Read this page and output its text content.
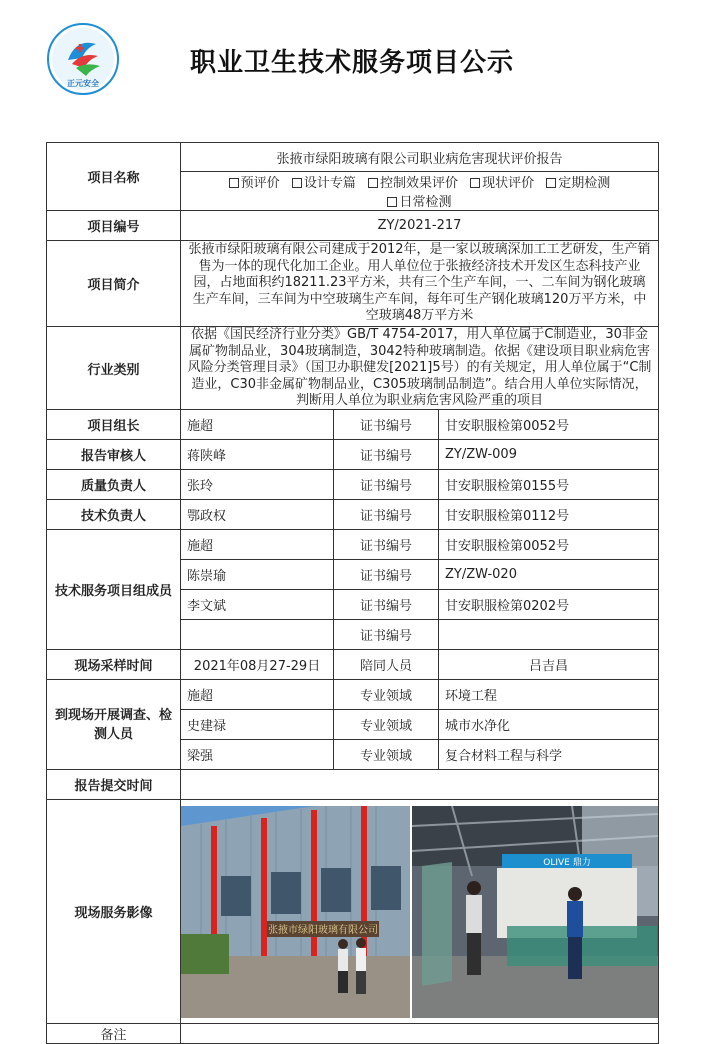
正元安全
职业卫生技术服务项目公示
项目名称	张掖市绿阳玻璃有限公司职业病危害现状评价报告		
	预评价 设计专篇 控制效果评价 现状评价 定期检测 日常检测		
项目编号	ZY/2021-217		
项目简介	张掖市绿阳玻璃有限公司建成于2012年，是一家以玻璃深加工工艺研发，生产销售为一体的现代化加工企业。用人单位位于张掖经济技术开发区生态科技产业园，占地面积约18211.23平方米，共有三个生产车间，一、二车间为钢化玻璃生产车间，三车间为中空玻璃生产车间，每年可生产钢化玻璃120万平方米，中空玻璃48万平方米		
行业类别	依据《国民经济行业分类》GB/T 4754-2017，用人单位属于C制造业，30非金属矿物制品业，304玻璃制造，3042特种玻璃制造。依据《建设项目职业病危害风险分类管理目录》（国卫办职健发[2021]5号）的有关规定，用人单位属于“C制造业，C30非金属矿物制品业，C305玻璃制品制造”。结合用人单位实际情况，判断用人单位为职业病危害风险严重的项目		

项目组长	施超	证书编号	甘安职服检第0052号
报告审核人	蒋陕峰	证书编号	ZY/ZW-009
质量负责人	张玲	证书编号	甘安职服检第0155号
技术负责人	鄂政权	证书编号	甘安职服检第0112号
技术服务项目组成员	施超	证书编号	甘安职服检第0052号
	陈崇瑜	证书编号	ZY/ZW-020
	李文斌	证书编号	甘安职服检第0202号
		证书编号	
现场采样时间	2021年08月27-29日	陪同人员	吕吉昌
到现场开展调查、检测人员	施超	专业领域	环境工程
	史建禄	专业领域	城市水净化
	梁强	专业领域	复合材料工程与科学
报告提交时间			
现场服务影像	张掖市绿阳玻璃有限公司
OLIVE 鼎力		

备注			
